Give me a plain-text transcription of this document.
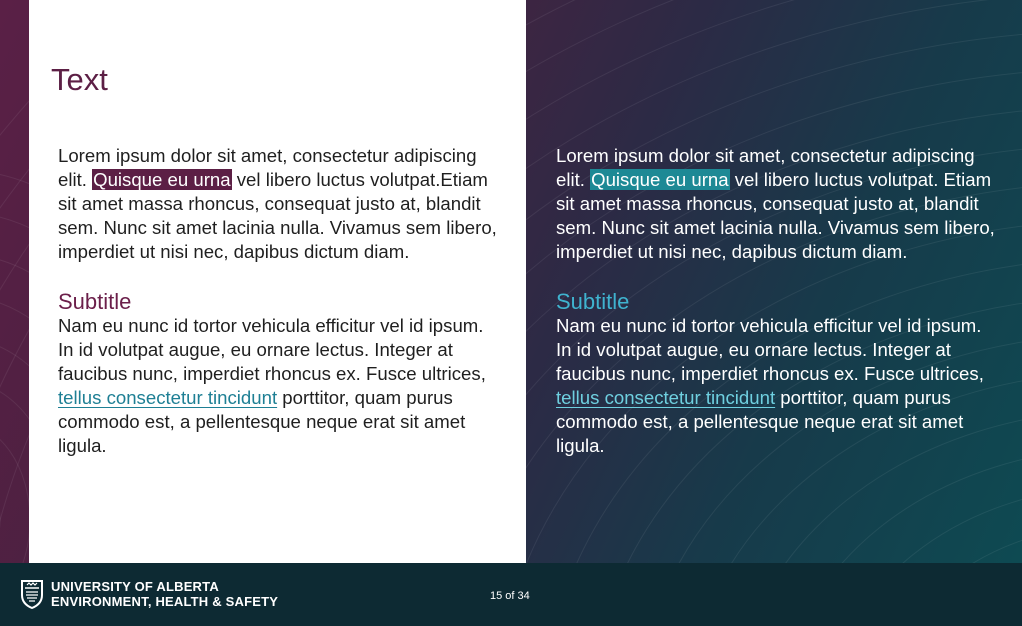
Text

Lorem ipsum dolor sit amet, consectetur adipiscing elit. Quisque eu urna vel libero luctus volutpat.Etiam sit amet massa rhoncus, consequat justo at, blandit sem. Nunc sit amet lacinia nulla. Vivamus sem libero, imperdiet ut nisi nec, dapibus dictum diam.

Subtitle

Nam eu nunc id tortor vehicula efficitur vel id ipsum. In id volutpat augue, eu ornare lectus. Integer at faucibus nunc, imperdiet rhoncus ex. Fusce ultrices, tellus consectetur tincidunt porttitor, quam purus commodo est, a pellentesque neque erat sit amet ligula.

Lorem ipsum dolor sit amet, consectetur adipiscing elit. Quisque eu urna vel libero luctus volutpat. Etiam sit amet massa rhoncus, consequat justo at, blandit sem. Nunc sit amet lacinia nulla. Vivamus sem libero, imperdiet ut nisi nec, dapibus dictum diam.

Subtitle

Nam eu nunc id tortor vehicula efficitur vel id ipsum. In id volutpat augue, eu ornare lectus. Integer at faucibus nunc, imperdiet rhoncus ex. Fusce ultrices, tellus consectetur tincidunt porttitor, quam purus commodo est, a pellentesque neque erat sit amet ligula.

UNIVERSITY OF ALBERTA
ENVIRONMENT, HEALTH & SAFETY	15 of 34
